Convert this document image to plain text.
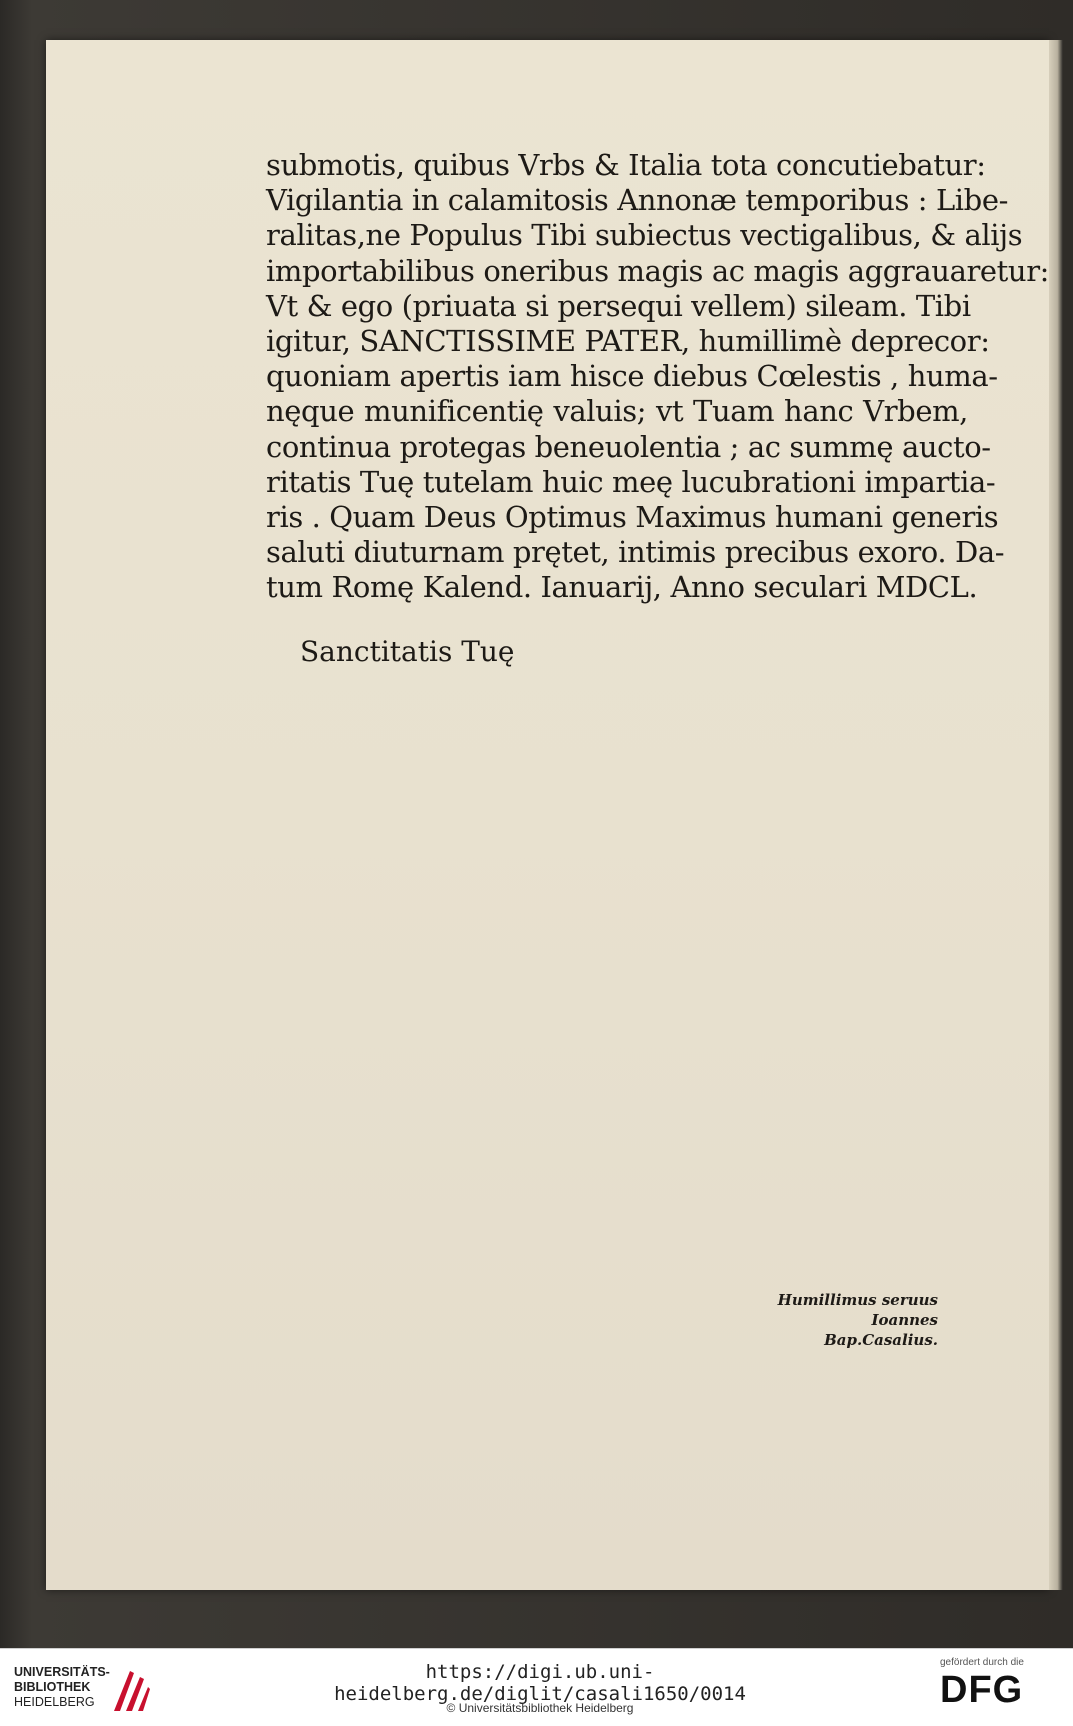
submotis, quibus Vrbs & Italia tota concutiebatur:
Vigilantia in calamitosis Annonæ temporibus : Libe-
ralitas,ne Populus Tibi subiectus vectigalibus, & alijs
importabilibus oneribus magis ac magis aggrauaretur:
Vt & ego (priuata si persequi vellem) sileam. Tibi
igitur, SANCTISSIME PATER, humillimè deprecor:
quoniam apertis iam hisce diebus Cœlestis , huma-
nęque munificentię valuis; vt Tuam hanc Vrbem,
continua protegas beneuolentia ; ac summę aucto-
ritatis Tuę tutelam huic meę lucubrationi impartia-
ris . Quam Deus Optimus Maximus humani generis
saluti diuturnam prętet, intimis precibus exoro. Da-
tum Romę Kalend. Ianuarij, Anno seculari MDCL.
Sanctitatis Tuę
Humillimus seruus
Ioannes Bap.Casalius.
UNIVERSITÄTS-
BIBLIOTHEK
HEIDELBERG
https://digi.ub.uni-heidelberg.de/diglit/casali1650/0014
© Universitätsbibliothek Heidelberg
gefördert durch die
DFG
